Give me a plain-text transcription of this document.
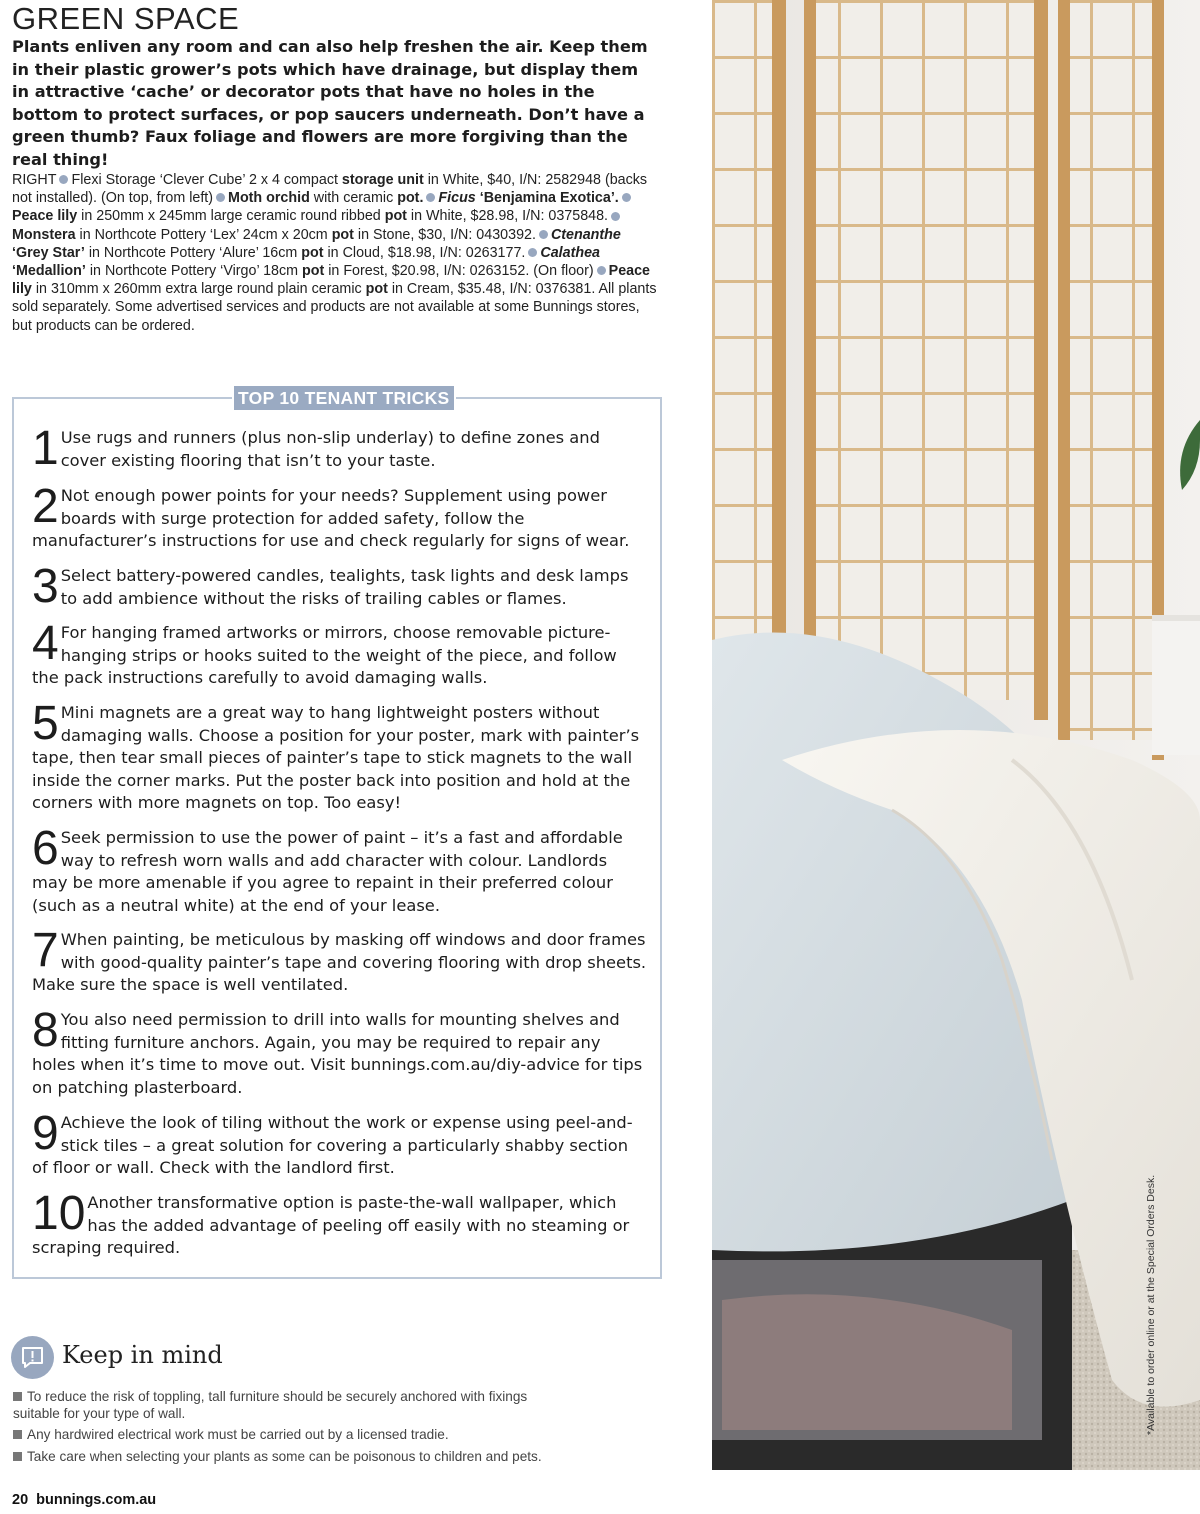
GREEN SPACE
Plants enliven any room and can also help freshen the air. Keep them in their plastic grower’s pots which have drainage, but display them in attractive ‘cache’ or decorator pots that have no holes in the bottom to protect surfaces, or pop saucers underneath. Don’t have a green thumb? Faux foliage and flowers are more forgiving than the real thing!
RIGHT Flexi Storage ‘Clever Cube’ 2 x 4 compact storage unit in White, $40, I/N: 2582948 (backs not installed). (On top, from left) Moth orchid with ceramic pot. Ficus ‘Benjamina Exotica’.Peace lily in 250mm x 245mm large ceramic round ribbed pot in White, $28.98, I/N: 0375848.Monstera in Northcote Pottery ‘Lex’ 24cm x 20cm pot in Stone, $30, I/N: 0430392. Ctenanthe ‘Grey Star’ in Northcote Pottery ‘Alure’ 16cm pot in Cloud, $18.98, I/N: 0263177. Calathea ‘Medallion’ in Northcote Pottery ‘Virgo’ 18cm pot in Forest, $20.98, I/N: 0263152. (On floor) Peace lily in 310mm x 260mm extra large round plain ceramic pot in Cream, $35.48, I/N: 0376381. All plants sold separately. Some advertised services and products are not available at some Bunnings stores, but products can be ordered.
TOP 10 TENANT TRICKS
1 Use rugs and runners (plus non-slip underlay) to define zones and cover existing flooring that isn’t to your taste.
2 Not enough power points for your needs? Supplement using power boards with surge protection for added safety, follow the manufacturer’s instructions for use and check regularly for signs of wear.
3 Select battery-powered candles, tealights, task lights and desk lamps to add ambience without the risks of trailing cables or flames.
4 For hanging framed artworks or mirrors, choose removable picture-hanging strips or hooks suited to the weight of the piece, and follow the pack instructions carefully to avoid damaging walls.
5 Mini magnets are a great way to hang lightweight posters without damaging walls. Choose a position for your poster, mark with painter’s tape, then tear small pieces of painter’s tape to stick magnets to the wall inside the corner marks. Put the poster back into position and hold at the corners with more magnets on top. Too easy!
6 Seek permission to use the power of paint – it’s a fast and affordable way to refresh worn walls and add character with colour. Landlords may be more amenable if you agree to repaint in their preferred colour (such as a neutral white) at the end of your lease.
7 When painting, be meticulous by masking off windows and door frames with good-quality painter’s tape and covering flooring with drop sheets. Make sure the space is well ventilated.
8 You also need permission to drill into walls for mounting shelves and fitting furniture anchors. Again, you may be required to repair any holes when it’s time to move out. Visit bunnings.com.au/diy-advice for tips on patching plasterboard.
9 Achieve the look of tiling without the work or expense using peel-and-stick tiles – a great solution for covering a particularly shabby section of floor or wall. Check with the landlord first.
10 Another transformative option is paste-the-wall wallpaper, which has the added advantage of peeling off easily with no steaming or scraping required.
Keep in mind
To reduce the risk of toppling, tall furniture should be securely anchored with fixings suitable for your type of wall.
Any hardwired electrical work must be carried out by a licensed tradie.
Take care when selecting your plants as some can be poisonous to children and pets.
20 bunnings.com.au
*Available to order online or at the Special Orders Desk.
